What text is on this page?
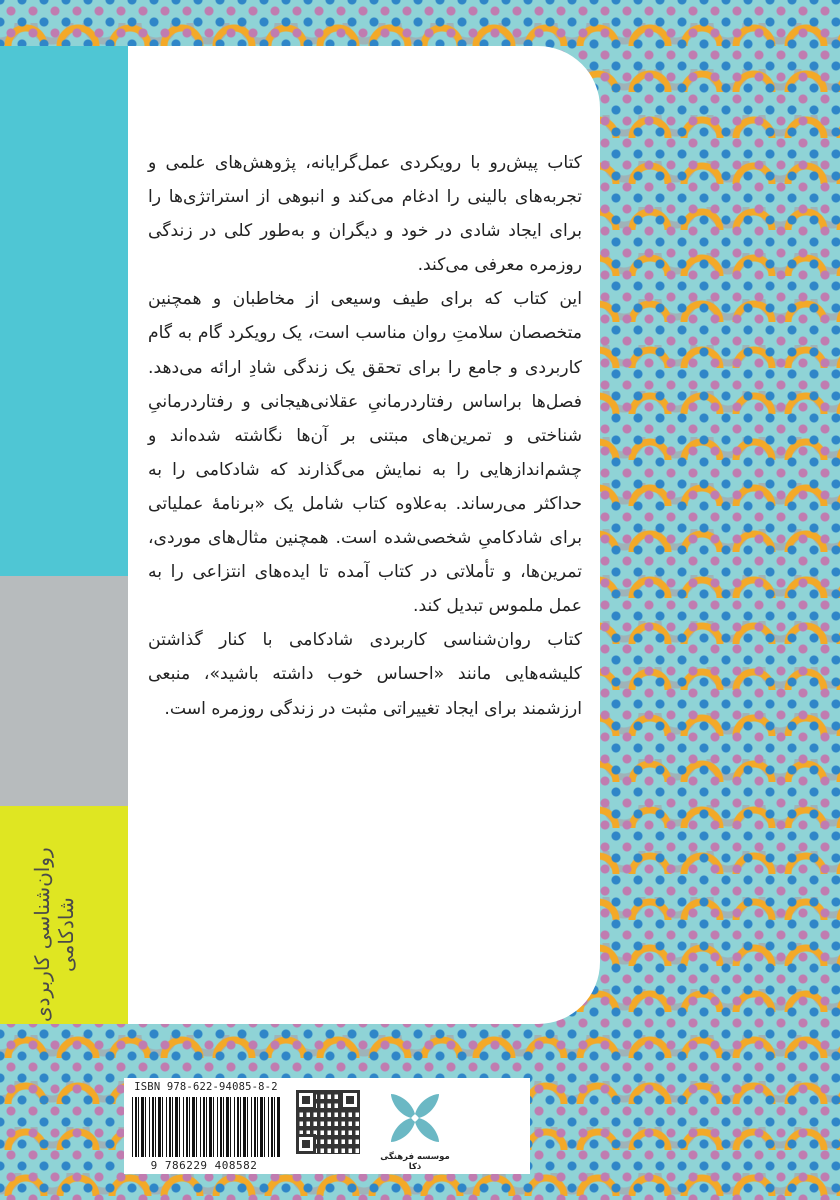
روان‌شناسی کاربردی شادکامی

کتاب پیش‌رو با رویکردی عمل‌گرایانه، پژوهش‌های علمی و تجربه‌های بالینی را ادغام می‌کند و انبوهی از استراتژی‌ها را برای ایجاد شادی در خود و دیگران و به‌طور کلی در زندگی روزمره معرفی می‌کند.

این کتاب که برای طیف وسیعی از مخاطبان و همچنین متخصصان سلامتِ روان مناسب است، یک رویکرد گام به گام کاربردی و جامع را برای تحقق یک زندگی شادِ ارائه می‌دهد. فصل‌ها براساس رفتاردرمانیِ عقلانی‌هیجانی و رفتاردرمانیِ شناختی و تمرین‌های مبتنی بر آن‌ها نگاشته شده‌اند و چشم‌اندازهایی را به نمایش می‌گذارند که شادکامی را به حداکثر می‌رساند. به‌علاوه کتاب شامل یک «برنامهٔ عملیاتی برای شادکامیِ شخصی‌شده است. همچنین مثال‌های موردی، تمرین‌ها، و تأملاتی در کتاب آمده تا ایده‌های انتزاعی را به عمل ملموس تبدیل کند.

کتاب روان‌شناسی کاربردی شادکامی با کنار گذاشتن کلیشه‌هایی مانند «احساس خوب داشته باشید»، منبعی ارزشمند برای ایجاد تغییراتی مثبت در زندگی روزمره است.

ISBN 978-622-94085-8-2
9 786229 408582
موسسه فرهنگی ذکا
